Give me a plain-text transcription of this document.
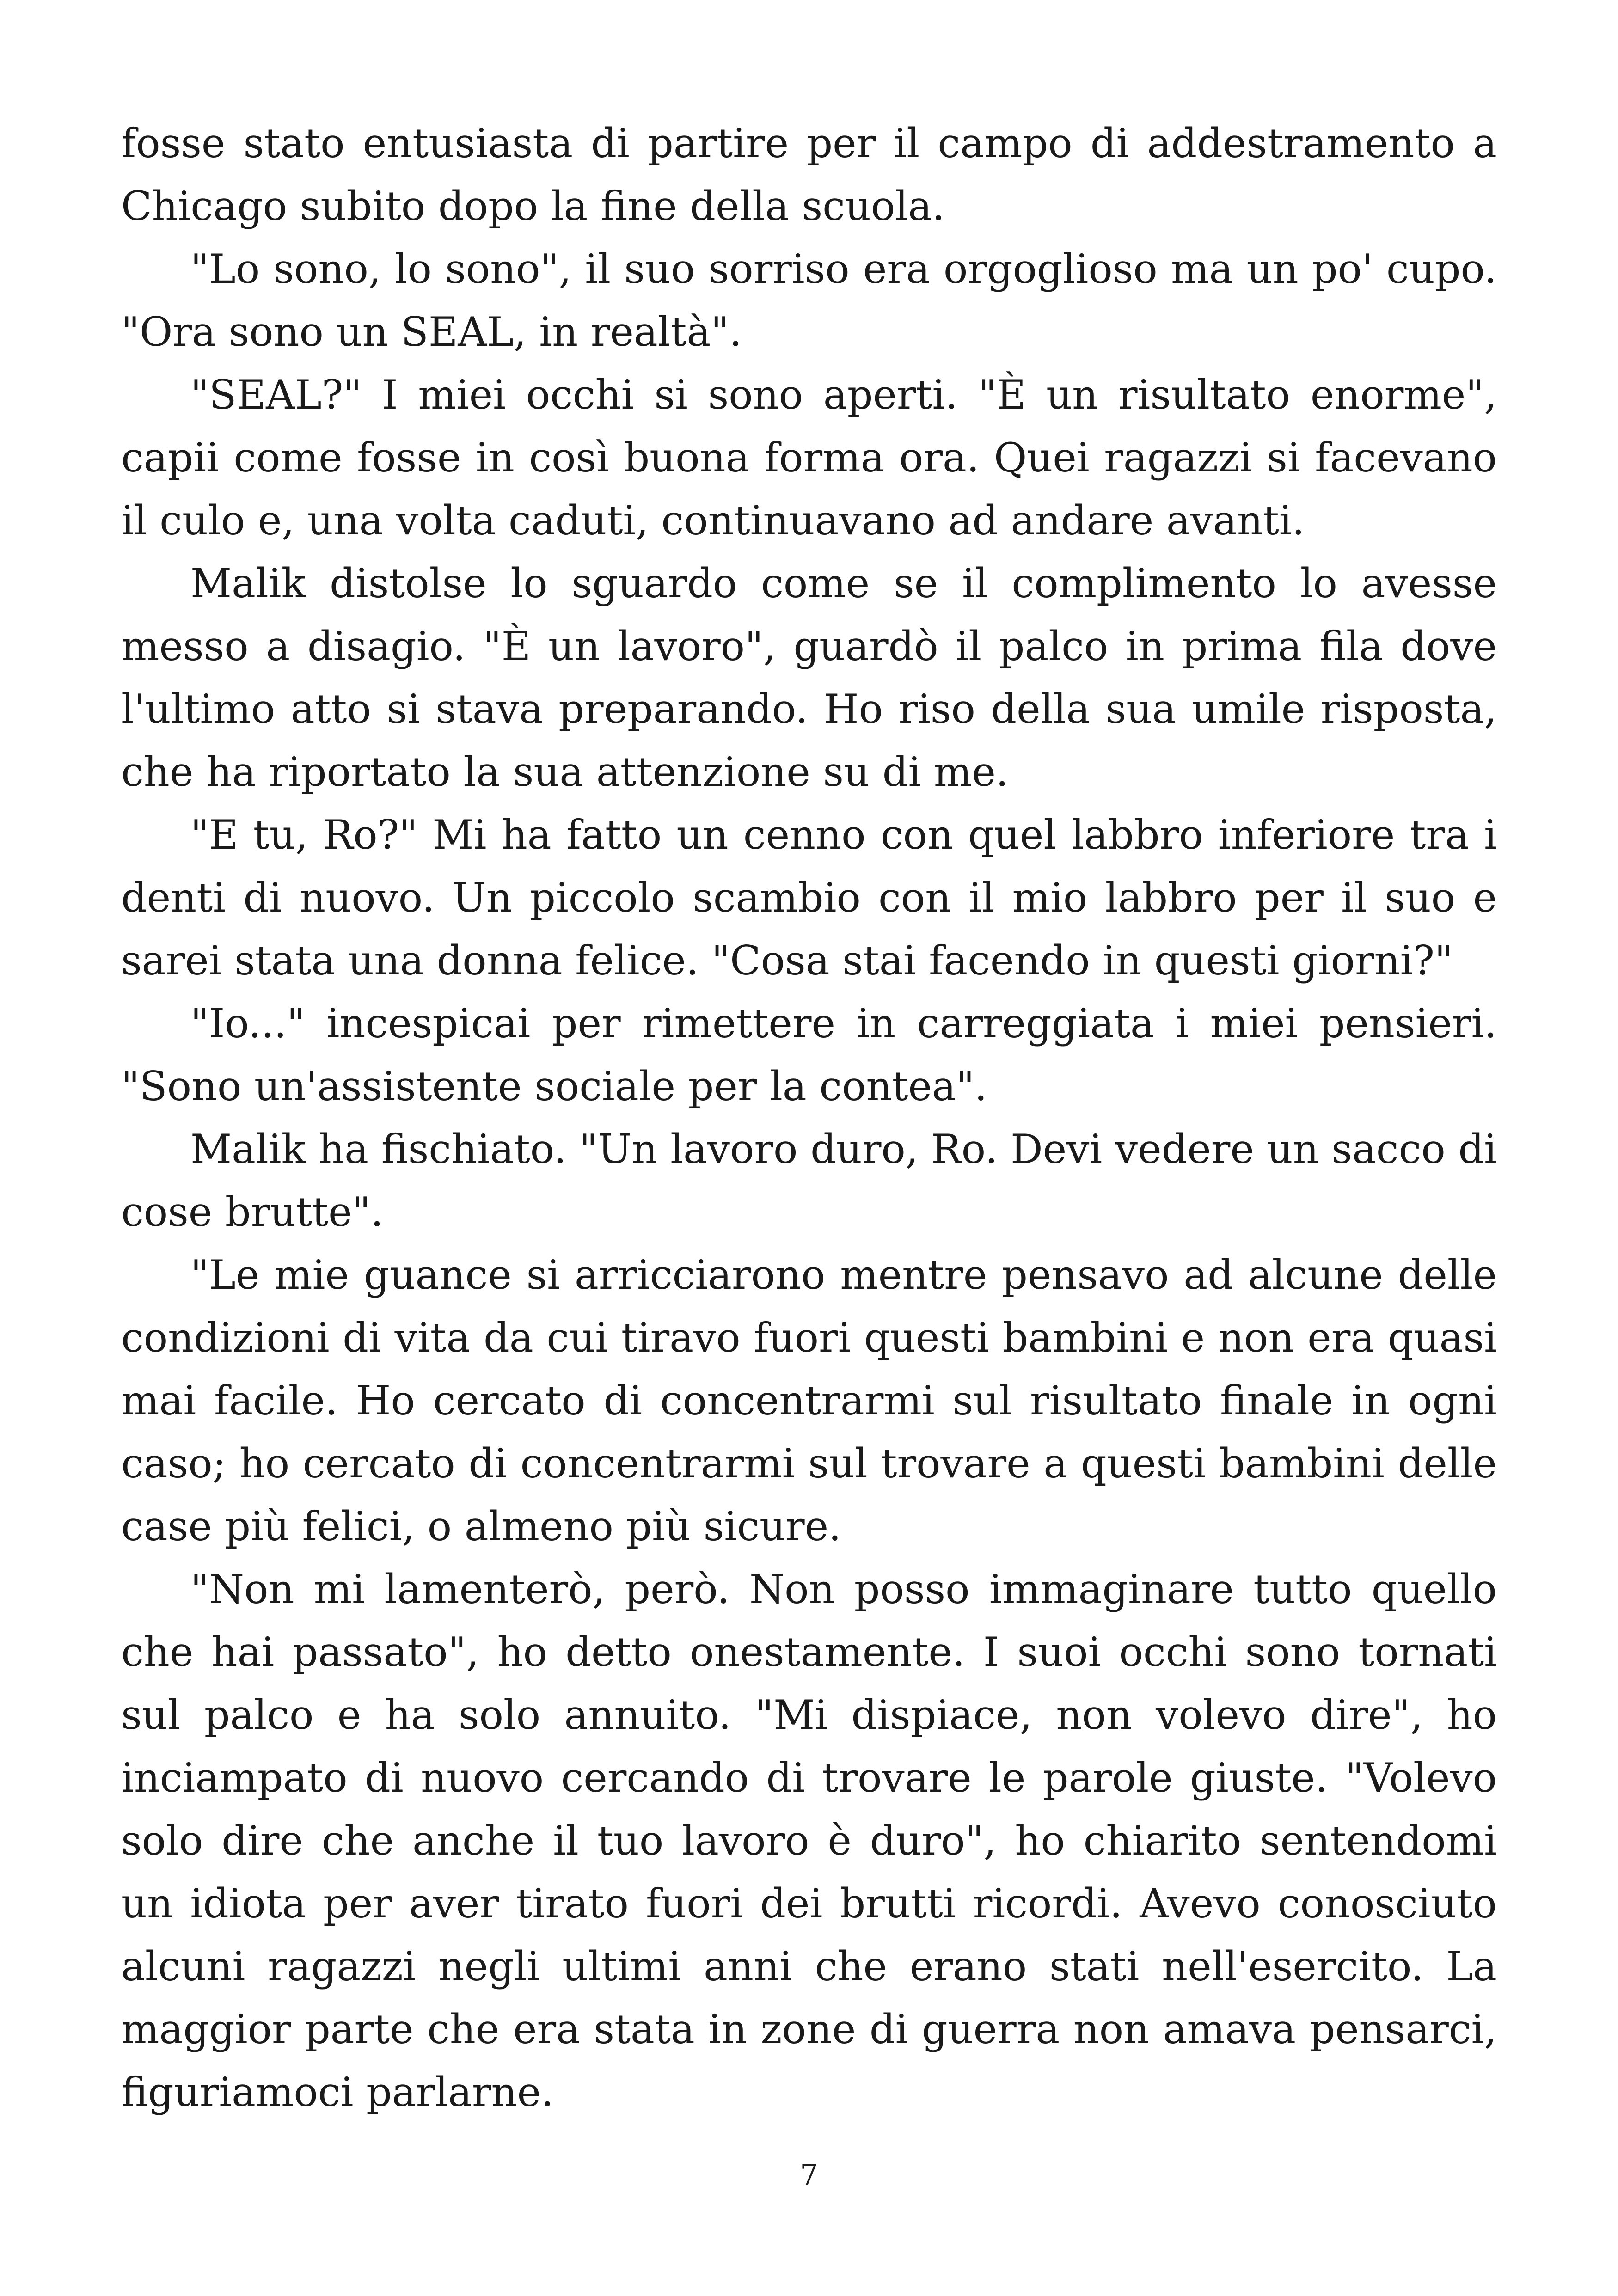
fosse stato entusiasta di partire per il campo di addestramento a Chicago subito dopo la fine della scuola.

"Lo sono, lo sono", il suo sorriso era orgoglioso ma un po' cupo. "Ora sono un SEAL, in realtà".

"SEAL?" I miei occhi si sono aperti. "È un risultato enorme", capii come fosse in così buona forma ora. Quei ragazzi si facevano il culo e, una volta caduti, continuavano ad andare avanti.

Malik distolse lo sguardo come se il complimento lo avesse messo a disagio. "È un lavoro", guardò il palco in prima fila dove l'ultimo atto si stava preparando. Ho riso della sua umile risposta, che ha riportato la sua attenzione su di me.

"E tu, Ro?" Mi ha fatto un cenno con quel labbro inferiore tra i denti di nuovo. Un piccolo scambio con il mio labbro per il suo e sarei stata una donna felice. "Cosa stai facendo in questi giorni?"

"Io..." incespicai per rimettere in carreggiata i miei pensieri. "Sono un'assistente sociale per la contea".

Malik ha fischiato. "Un lavoro duro, Ro. Devi vedere un sacco di cose brutte".

"Le mie guance si arricciarono mentre pensavo ad alcune delle condizioni di vita da cui tiravo fuori questi bambini e non era quasi mai facile. Ho cercato di concentrarmi sul risultato finale in ogni caso; ho cercato di concentrarmi sul trovare a questi bambini delle case più felici, o almeno più sicure.

"Non mi lamenterò, però. Non posso immaginare tutto quello che hai passato", ho detto onestamente. I suoi occhi sono tornati sul palco e ha solo annuito. "Mi dispiace, non volevo dire", ho inciampato di nuovo cercando di trovare le parole giuste. "Volevo solo dire che anche il tuo lavoro è duro", ho chiarito sentendomi un idiota per aver tirato fuori dei brutti ricordi. Avevo conosciuto alcuni ragazzi negli ultimi anni che erano stati nell'esercito. La maggior parte che era stata in zone di guerra non amava pensarci, figuriamoci parlarne.

7
